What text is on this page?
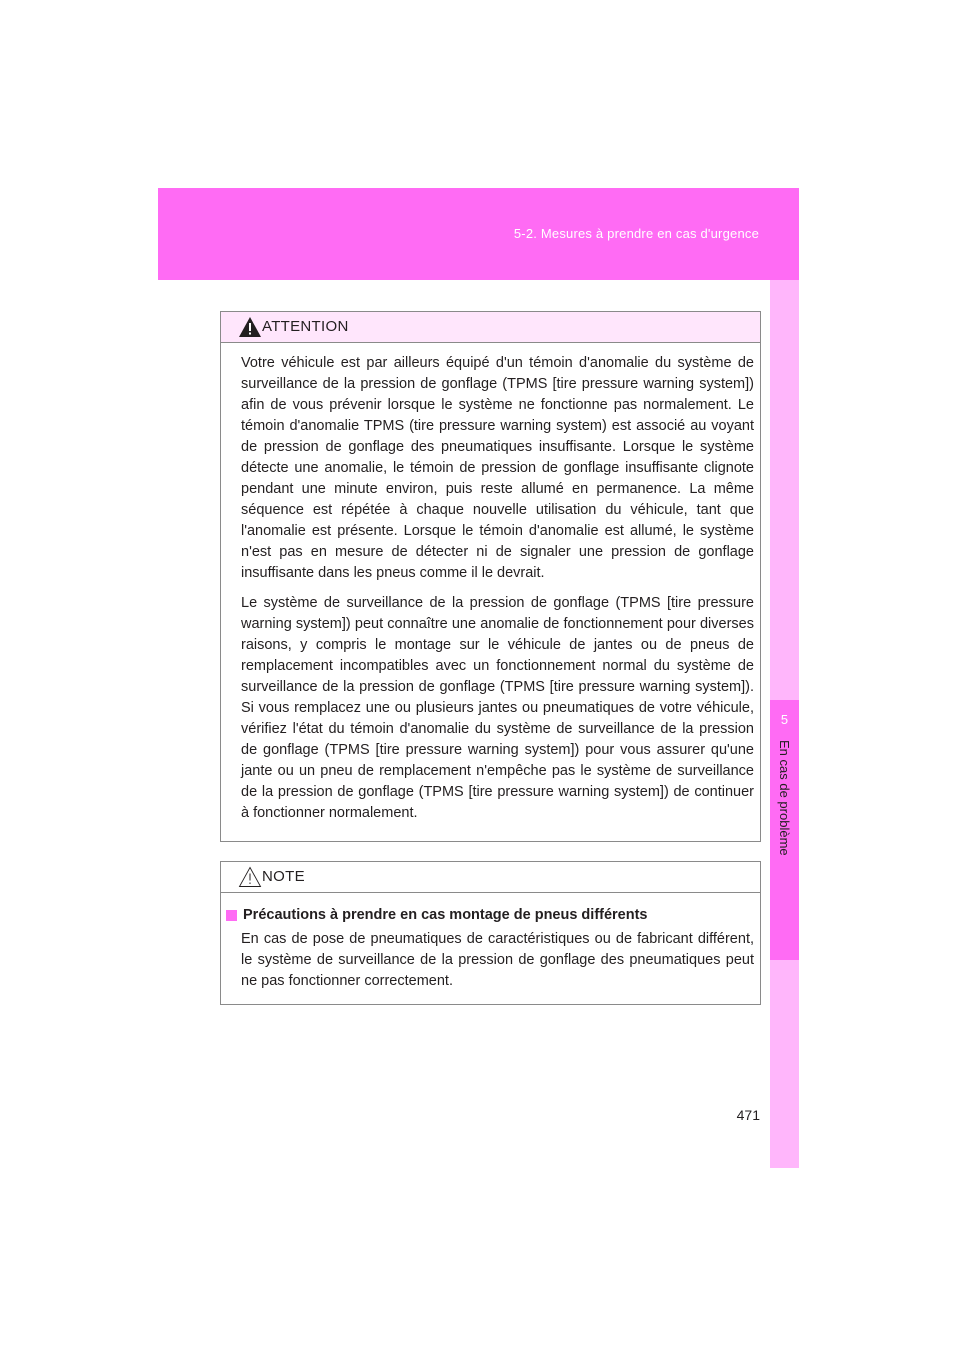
5-2. Mesures à prendre en cas d'urgence
5
En cas de problème
ATTENTION

Votre véhicule est par ailleurs équipé d'un témoin d'anomalie du système de surveillance de la pression de gonflage (TPMS [tire pressure warning system]) afin de vous prévenir lorsque le système ne fonctionne pas normalement. Le témoin d'anomalie TPMS (tire pressure warning system) est associé au voyant de pression de gonflage des pneumatiques insuffisante. Lorsque le système détecte une anomalie, le témoin de pression de gonflage insuffisante clignote pendant une minute environ, puis reste allumé en permanence. La même séquence est répétée à chaque nouvelle utilisation du véhicule, tant que l'anomalie est présente. Lorsque le témoin d'anomalie est allumé, le système n'est pas en mesure de détecter ni de signaler une pression de gonflage insuffisante dans les pneus comme il le devrait.

Le système de surveillance de la pression de gonflage (TPMS [tire pressure warning system]) peut connaître une anomalie de fonctionnement pour diverses raisons, y compris le montage sur le véhicule de jantes ou de pneus de remplacement incompatibles avec un fonctionnement normal du système de surveillance de la pression de gonflage (TPMS [tire pressure warning system]). Si vous remplacez une ou plusieurs jantes ou pneumatiques de votre véhicule, vérifiez l'état du témoin d'anomalie du système de surveillance de la pression de gonflage (TPMS [tire pressure warning system]) pour vous assurer qu'une jante ou un pneu de remplacement n'empêche pas le système de surveillance de la pression de gonflage (TPMS [tire pressure warning system]) de continuer à fonctionner normalement.

NOTE
Précautions à prendre en cas montage de pneus différents

En cas de pose de pneumatiques de caractéristiques ou de fabricant différent, le système de surveillance de la pression de gonflage des pneumatiques peut ne pas fonctionner correctement.

471
